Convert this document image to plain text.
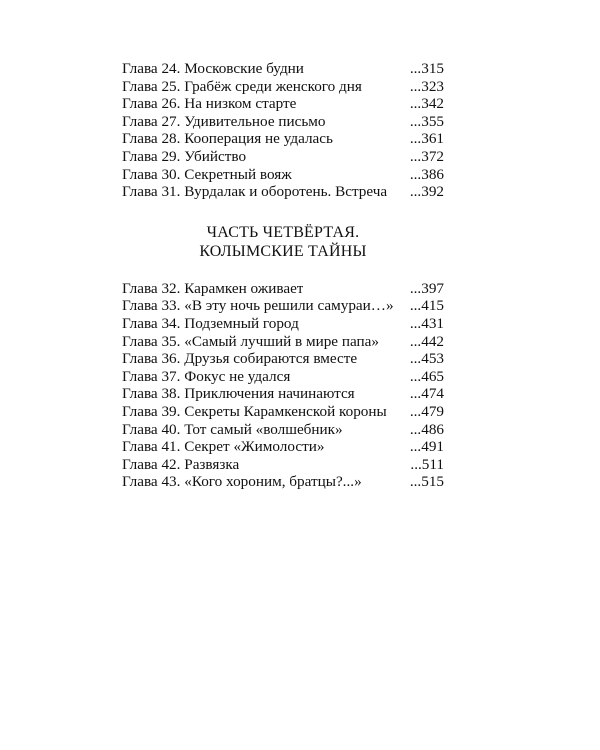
Глава 24. Московские будни	...315
Глава 25. Грабёж среди женского дня	...323
Глава 26. На низком старте	...342
Глава 27. Удивительное письмо	...355
Глава 28. Кооперация не удалась	...361
Глава 29. Убийство	...372
Глава 30. Секретный вояж	...386
Глава 31. Вурдалак и оборотень. Встреча ...392
ЧАСТЬ ЧЕТВЁРТАЯ.
КОЛЫМСКИЕ ТАЙНЫ
Глава 32. Карамкен оживает	...397
Глава 33. «В эту ночь решили самураи…» ...415
Глава 34. Подземный город	...431
Глава 35. «Самый лучший в мире папа» ...442
Глава 36. Друзья собираются вместе	...453
Глава 37. Фокус не удался	...465
Глава 38. Приключения начинаются	...474
Глава 39. Секреты Карамкенской короны ...479
Глава 40. Тот самый «волшебник»	...486
Глава 41. Секрет «Жимолости»	...491
Глава 42. Развязка	...511
Глава 43. «Кого хороним, братцы?...»	...515
